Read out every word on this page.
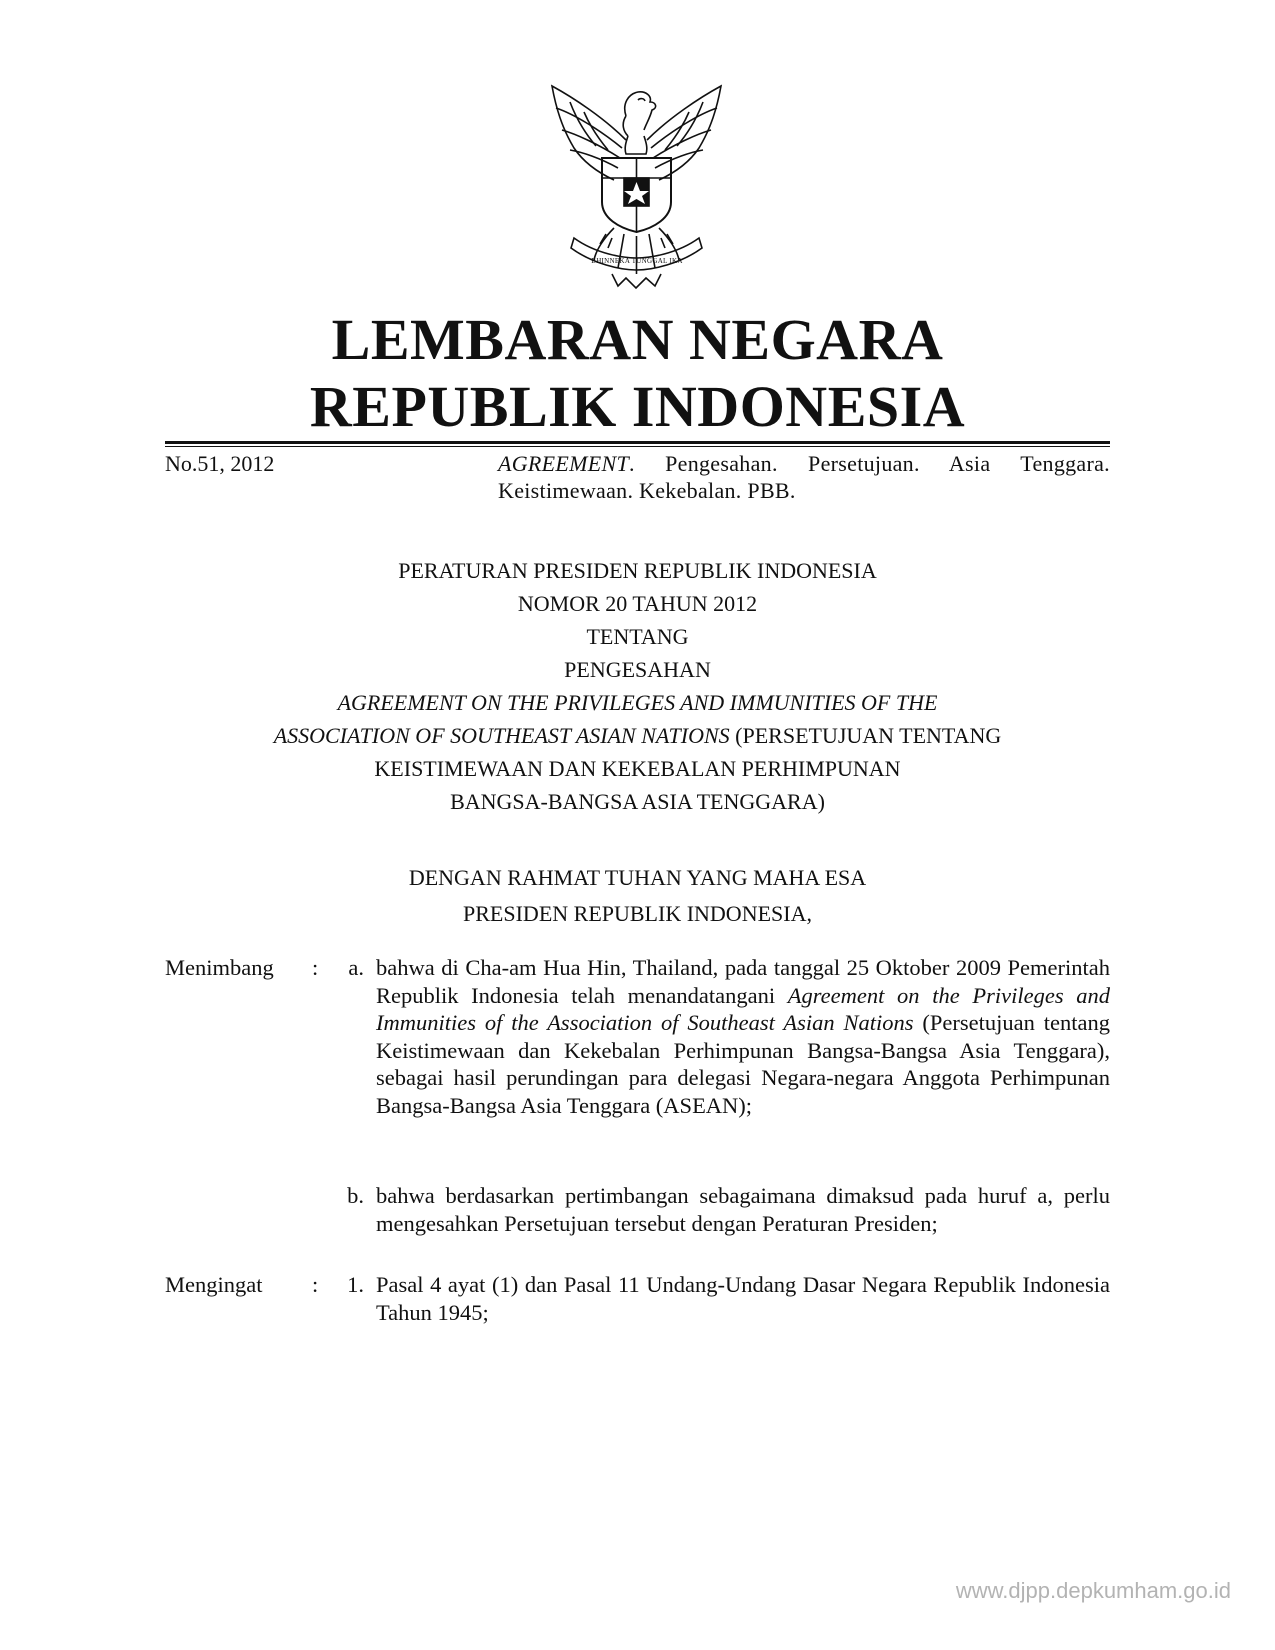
BHINNEKA TUNGGAL IKA
LEMBARAN NEGARA
REPUBLIK INDONESIA
No.51, 2012	AGREEMENT. Pengesahan. Persetujuan. Asia Tenggara. Keistimewaan. Kekebalan. PBB.
PERATURAN PRESIDEN REPUBLIK INDONESIA
NOMOR 20 TAHUN 2012
TENTANG
PENGESAHAN
AGREEMENT ON THE PRIVILEGES AND IMMUNITIES OF THE
ASSOCIATION OF SOUTHEAST ASIAN NATIONS (PERSETUJUAN TENTANG
KEISTIMEWAAN DAN KEKEBALAN PERHIMPUNAN
BANGSA-BANGSA ASIA TENGGARA)
DENGAN RAHMAT TUHAN YANG MAHA ESA
PRESIDEN REPUBLIK INDONESIA,
Menimbang :	a. bahwa di Cha-am Hua Hin, Thailand, pada tanggal 25 Oktober 2009 Pemerintah Republik Indonesia telah menandatangani Agreement on the Privileges and Immunities of the Association of Southeast Asian Nations (Persetujuan tentang Keistimewaan dan Kekebalan Perhimpunan Bangsa-Bangsa Asia Tenggara), sebagai hasil perundingan para delegasi Negara-negara Anggota Perhimpunan Bangsa-Bangsa Asia Tenggara (ASEAN);
b. bahwa berdasarkan pertimbangan sebagaimana dimaksud pada huruf a, perlu mengesahkan Persetujuan tersebut dengan Peraturan Presiden;
Mengingat :	1. Pasal 4 ayat (1) dan Pasal 11 Undang-Undang Dasar Negara Republik Indonesia Tahun 1945;
www.djpp.depkumham.go.id
